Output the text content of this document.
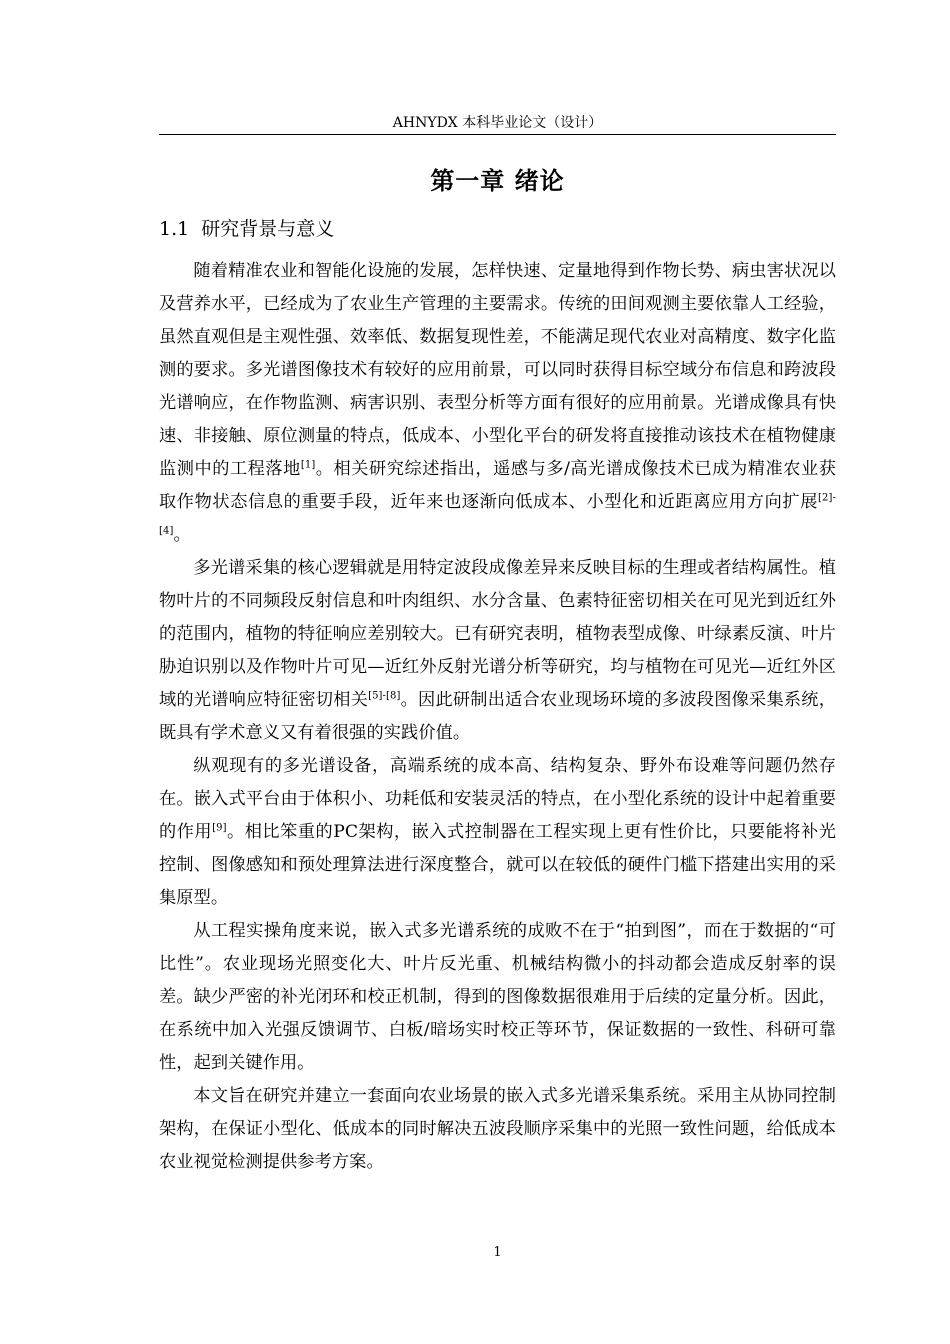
AHNYDX 本科毕业论文（设计）
第一章 绪论
1.1 研究背景与意义

随着精准农业和智能化设施的发展，怎样快速、定量地得到作物长势、病虫害状况以及营养水平，已经成为了农业生产管理的主要需求。传统的田间观测主要依靠人工经验，虽然直观但是主观性强、效率低、数据复现性差，不能满足现代农业对高精度、数字化监测的要求。多光谱图像技术有较好的应用前景，可以同时获得目标空域分布信息和跨波段光谱响应，在作物监测、病害识别、表型分析等方面有很好的应用前景。光谱成像具有快速、非接触、原位测量的特点，低成本、小型化平台的研发将直接推动该技术在植物健康监测中的工程落地[1]。相关研究综述指出，遥感与多/高光谱成像技术已成为精准农业获取作物状态信息的重要手段，近年来也逐渐向低成本、小型化和近距离应用方向扩展[2]-[4]。

多光谱采集的核心逻辑就是用特定波段成像差异来反映目标的生理或者结构属性。植物叶片的不同频段反射信息和叶肉组织、水分含量、色素特征密切相关在可见光到近红外的范围内，植物的特征响应差别较大。已有研究表明，植物表型成像、叶绿素反演、叶片胁迫识别以及作物叶片可见—近红外反射光谱分析等研究，均与植物在可见光—近红外区域的光谱响应特征密切相关[5]-[8]。因此研制出适合农业现场环境的多波段图像采集系统，既具有学术意义又有着很强的实践价值。

纵观现有的多光谱设备，高端系统的成本高、结构复杂、野外布设难等问题仍然存在。嵌入式平台由于体积小、功耗低和安装灵活的特点，在小型化系统的设计中起着重要的作用[9]。相比笨重的PC架构，嵌入式控制器在工程实现上更有性价比，只要能将补光控制、图像感知和预处理算法进行深度整合，就可以在较低的硬件门槛下搭建出实用的采集原型。

从工程实操角度来说，嵌入式多光谱系统的成败不在于“拍到图”，而在于数据的“可比性”。农业现场光照变化大、叶片反光重、机械结构微小的抖动都会造成反射率的误差。缺少严密的补光闭环和校正机制，得到的图像数据很难用于后续的定量分析。因此，在系统中加入光强反馈调节、白板/暗场实时校正等环节，保证数据的一致性、科研可靠性，起到关键作用。

本文旨在研究并建立一套面向农业场景的嵌入式多光谱采集系统。采用主从协同控制架构，在保证小型化、低成本的同时解决五波段顺序采集中的光照一致性问题，给低成本农业视觉检测提供参考方案。

1
